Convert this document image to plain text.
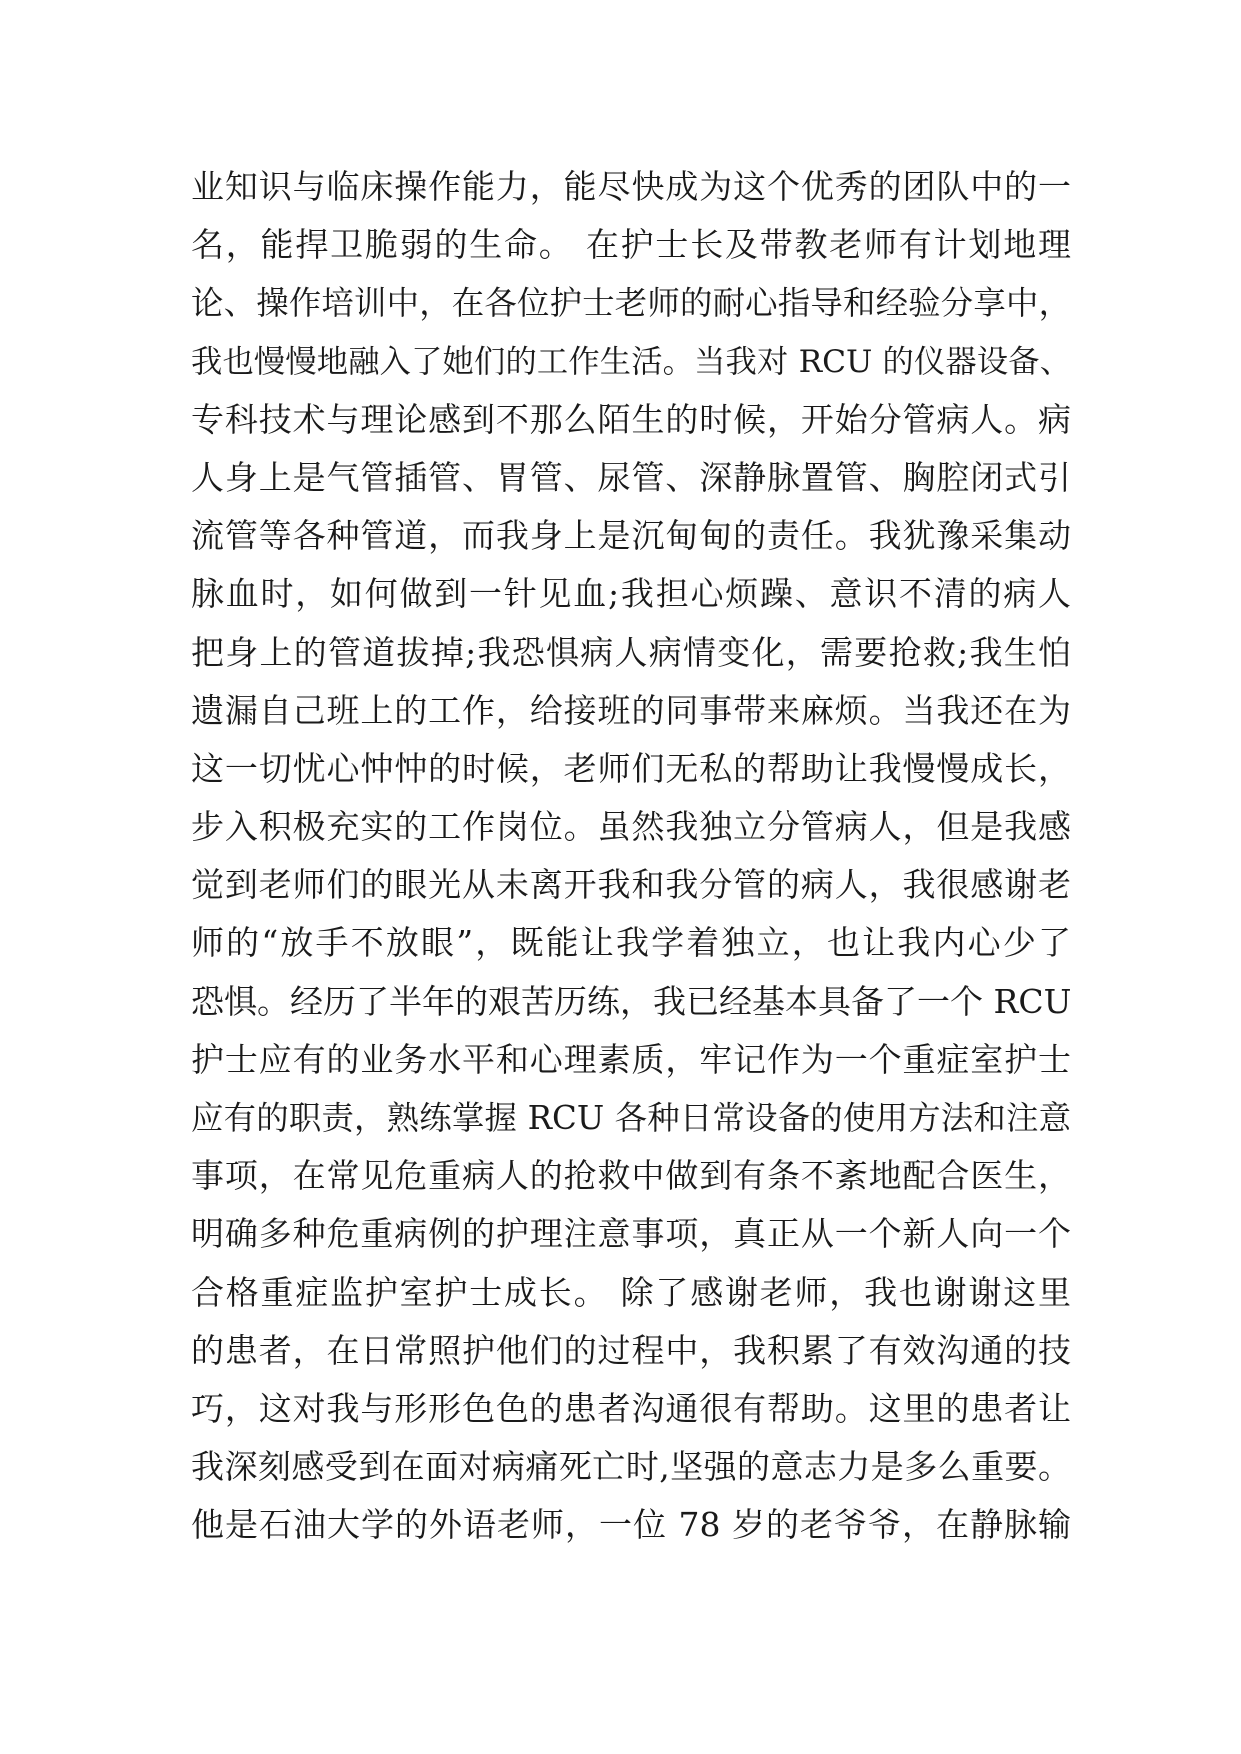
业知识与临床操作能力，能尽快成为这个优秀的团队中的一
名，能捍卫脆弱的生命。 在护士长及带教老师有计划地理
论、操作培训中，在各位护士老师的耐心指导和经验分享中，
我也慢慢地融入了她们的工作生活。当我对 RCU 的仪器设备、
专科技术与理论感到不那么陌生的时候，开始分管病人。病
人身上是气管插管、胃管、尿管、深静脉置管、胸腔闭式引
流管等各种管道，而我身上是沉甸甸的责任。我犹豫采集动
脉血时，如何做到一针见血;我担心烦躁、意识不清的病人
把身上的管道拔掉;我恐惧病人病情变化，需要抢救;我生怕
遗漏自己班上的工作，给接班的同事带来麻烦。当我还在为
这一切忧心忡忡的时候，老师们无私的帮助让我慢慢成长，
步入积极充实的工作岗位。虽然我独立分管病人，但是我感
觉到老师们的眼光从未离开我和我分管的病人，我很感谢老
师的“放手不放眼”，既能让我学着独立，也让我内心少了
恐惧。经历了半年的艰苦历练，我已经基本具备了一个 RCU
护士应有的业务水平和心理素质，牢记作为一个重症室护士
应有的职责，熟练掌握 RCU 各种日常设备的使用方法和注意
事项，在常见危重病人的抢救中做到有条不紊地配合医生，
明确多种危重病例的护理注意事项，真正从一个新人向一个
合格重症监护室护士成长。 除了感谢老师，我也谢谢这里
的患者，在日常照护他们的过程中，我积累了有效沟通的技
巧，这对我与形形色色的患者沟通很有帮助。这里的患者让
我深刻感受到在面对病痛死亡时,坚强的意志力是多么重要。
他是石油大学的外语老师，一位 78 岁的老爷爷，在静脉输
